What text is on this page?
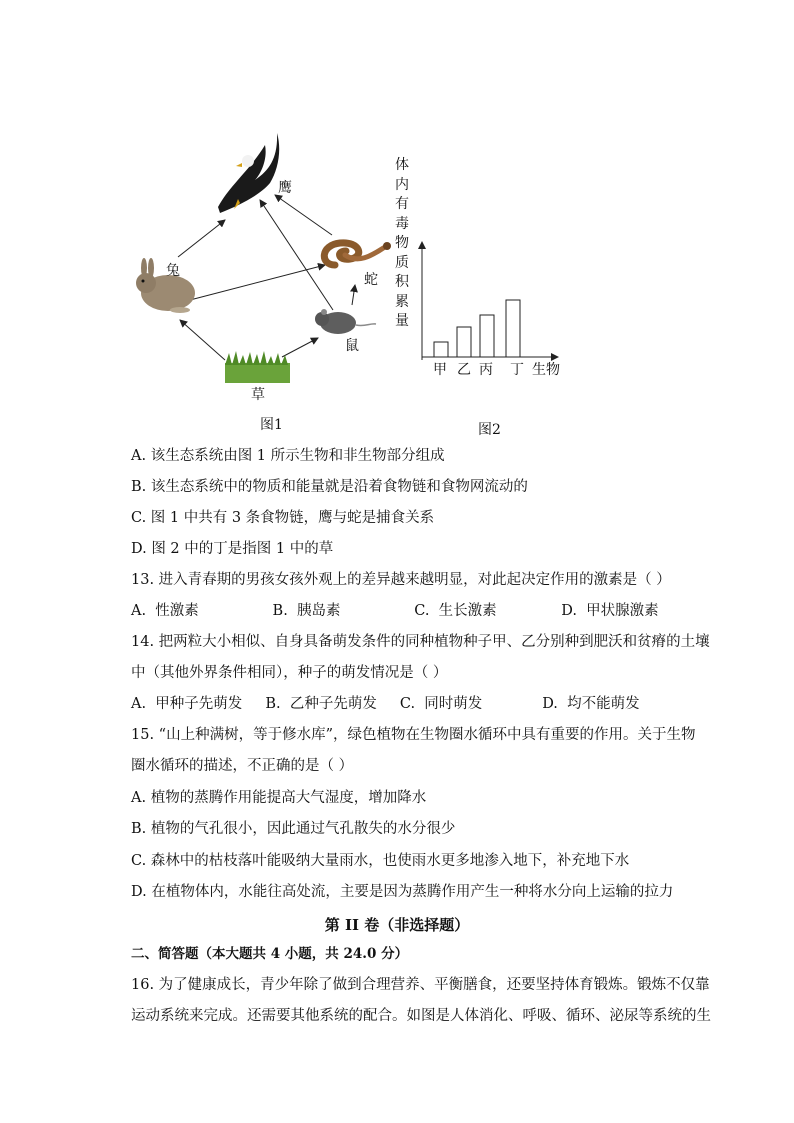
鹰
兔
蛇
鼠
草
图1
体内有毒物质积累量
甲 乙 丙 丁 生物
图2
A. 该生态系统由图 1 所示生物和非生物部分组成
B. 该生态系统中的物质和能量就是沿着食物链和食物网流动的
C. 图 1 中共有 3 条食物链，鹰与蛇是捕食关系
D. 图 2 中的丁是指图 1 中的草
13. 进入青春期的男孩女孩外观上的差异越来越明显，对此起决定作用的激素是（ ）
A.  性激素                B.  胰岛素                C.  生长激素              D.  甲状腺激素
14. 把两粒大小相似、自身具备萌发条件的同种植物种子甲、乙分别种到肥沃和贫瘠的土壤
中（其他外界条件相同），种子的萌发情况是（ ）
A.  甲种子先萌发     B.  乙种子先萌发     C.  同时萌发             D.  均不能萌发
15. “山上种满树，等于修水库”，绿色植物在生物圈水循环中具有重要的作用。关于生物
圈水循环的描述，不正确的是（ ）
A. 植物的蒸腾作用能提高大气湿度，增加降水
B. 植物的气孔很小，因此通过气孔散失的水分很少
C. 森林中的枯枝落叶能吸纳大量雨水，也使雨水更多地渗入地下，补充地下水
D. 在植物体内，水能往高处流，主要是因为蒸腾作用产生一种将水分向上运输的拉力
第 II 卷（非选择题）
二、简答题（本大题共 4 小题，共 24.0 分）
16. 为了健康成长，青少年除了做到合理营养、平衡膳食，还要坚持体育锻炼。锻炼不仅靠
运动系统来完成。还需要其他系统的配合。如图是人体消化、呼吸、循环、泌尿等系统的生
